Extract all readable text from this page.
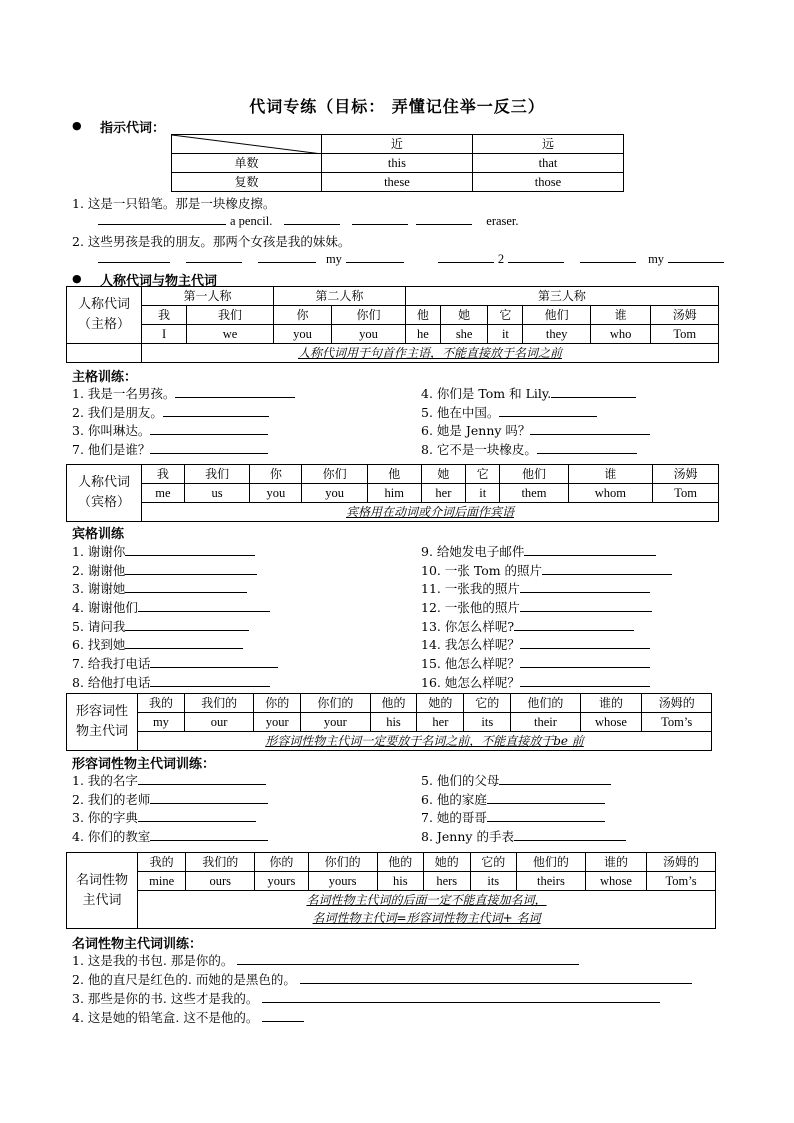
代词专练（目标： 弄懂记住举一反三）
● 指示代词：
	近	远
单数	this	that
复数	these	those
1. 这是一只铅笔。那是一块橡皮擦。
a pencil.	eraser.
2. 这些男孩是我的朋友。那两个女孩是我的妹妹。
my	2	my
● 人称代词与物主代词
人称代词
（主格）	第一人称		第二人称		第三人称					
	我	我们	你	你们	他	她	它	他们	谁	汤姆
	I	we	you	you	he	she	it	they	who	Tom
	人称代词用于句首作主语，不能直接放于名词之前									
主格训练：
1. 我是一名男孩。
2. 我们是朋友。
3. 你叫琳达。
7. 他们是谁？
4. 你们是 Tom 和 Lily.
5. 他在中国。
6. 她是 Jenny 吗？
8. 它不是一块橡皮。
人称代词
（宾格）	我	我们	你	你们	他	她	它	他们	谁	汤姆
	me	us	you	you	him	her	it	them	whom	Tom
	宾格用在动词或介词后面作宾语									
宾格训练
1. 谢谢你
2. 谢谢他
3. 谢谢她
4. 谢谢他们
5. 请问我
6. 找到她
7. 给我打电话
8. 给他打电话
9. 给她发电子邮件
10. 一张 Tom 的照片
11. 一张我的照片
12. 一张他的照片
13. 你怎么样呢?
14. 我怎么样呢？
15. 他怎么样呢？
16. 她怎么样呢？
形容词性
物主代词	我的	我们的	你的	你们的	他的	她的	它的	他们的	谁的	汤姆的
	my	our	your	your	his	her	its	their	whose	Tom’s
	形容词性物主代词一定要放于名词之前，不能直接放于be 前									
形容词性物主代词训练：
1. 我的名字
2. 我们的老师
3. 你的字典
4. 你们的教室
5. 他们的父母
6. 他的家庭
7. 她的哥哥
8. Jenny 的手表
名词性物
主代词	我的	我们的	你的	你们的	他的	她的	它的	他们的	谁的	汤姆的
	mine	ours	yours	yours	his	hers	its	theirs	whose	Tom’s
	名词性物主代词的后面一定不能直接加名词，									
	名词性物主代词=形容词性物主代词+ 名词									
名词性物主代词训练：
1. 这是我的书包. 那是你的。
2. 他的直尺是红色的. 而她的是黑色的。
3. 那些是你的书. 这些才是我的。
4. 这是她的铅笔盒. 这不是他的。
